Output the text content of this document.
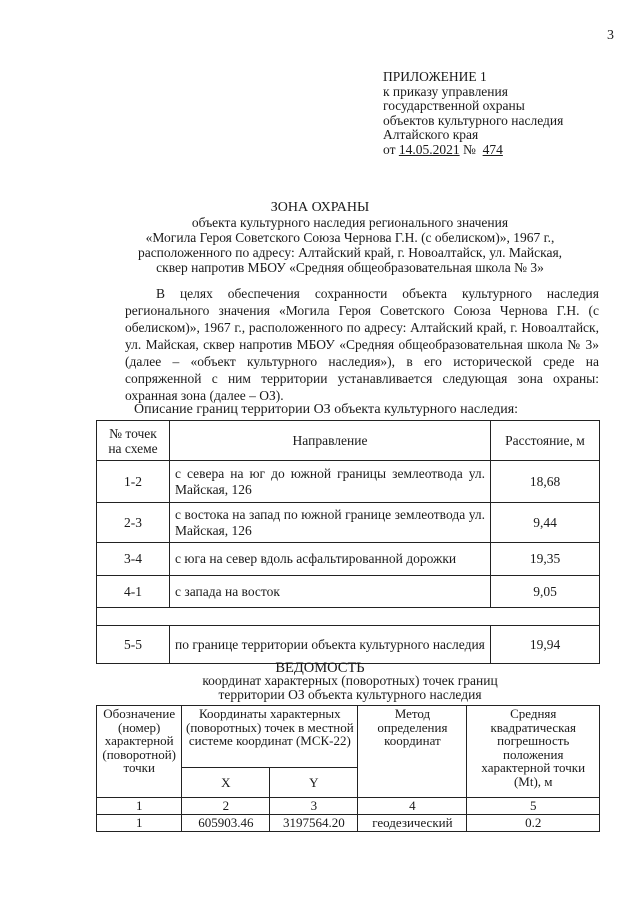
3
ПРИЛОЖЕНИЕ 1
к приказу управления
государственной охраны
объектов культурного наследия
Алтайского края
от 14.05.2021 №  474
ЗОНА ОХРАНЫ
объекта культурного наследия регионального значения
«Могила Героя Советского Союза Чернова Г.Н. (с обелиском)», 1967 г.,
расположенного по адресу: Алтайский край, г. Новоалтайск, ул. Майская,
сквер напротив МБОУ «Средняя общеобразовательная школа № 3»
В целях обеспечения сохранности объекта культурного наследия регионального значения «Могила Героя Советского Союза Чернова Г.Н. (с обелиском)», 1967 г., расположенного по адресу: Алтайский край, г. Новоалтайск, ул. Майская, сквер напротив МБОУ «Средняя общеобразовательная школа № 3» (далее – «объект культурного наследия»), в его исторической среде на сопряженной с ним территории устанавливается следующая зона охраны: охранная зона (далее – ОЗ).
Описание границ территории ОЗ объекта культурного наследия:
№ точек на схеме	Направление	Расстояние, м
1-2	с севера на юг до южной границы землеотвода ул. Майская, 126	18,68
2-3	с востока на запад по южной границе землеотвода ул. Майская, 126	9,44
3-4	с юга на север вдоль асфальтированной дорожки	19,35
4-1	с запада на восток	9,05

5-5	по границе территории объекта культурного наследия	19,94
ВЕДОМОСТЬ
координат характерных (поворотных) точек границ
территории ОЗ объекта культурного наследия
Обозначение (номер) характерной (поворотной) точки	Координаты характерных (поворотных) точек в местной системе координат (МСК-22)		Метод определения координат	Средняя квадратическая погрешность положения характерной точки (Mt), м
	X	Y		
1	2	3	4	5
1	605903.46	3197564.20	геодезический	0.2
